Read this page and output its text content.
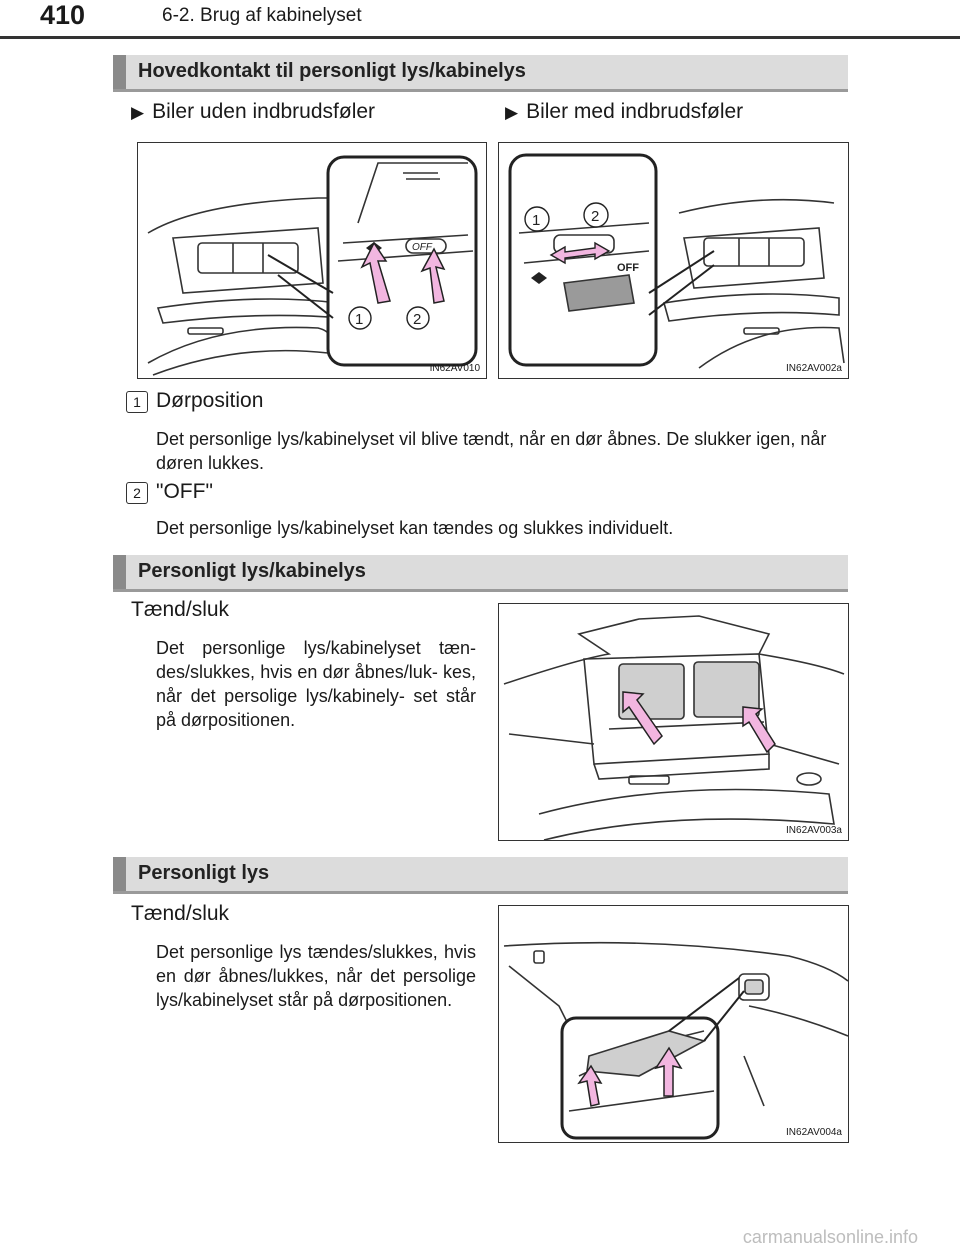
410	6-2. Brug af kabinelyset
Hovedkontakt til personligt lys/kabinelys
▶ Biler uden indbrudsføler	▶ Biler med indbrudsføler
OFF
1	2
IN62AV010
OFF
1	2
IN62AV002a
1 Dørposition
Det personlige lys/kabinelyset vil blive tændt, når en dør åbnes. De slukker igen, når døren lukkes.
2 "OFF"
Det personlige lys/kabinelyset kan tændes og slukkes individuelt.
Personligt lys/kabinelys
Tænd/sluk
Det personlige lys/kabinelyset tæn- des/slukkes, hvis en dør åbnes/luk- kes, når det persolige lys/kabinely- set står på dørpositionen.
IN62AV003a
Personligt lys
Tænd/sluk
Det personlige lys tændes/slukkes, hvis en dør åbnes/lukkes, når det persolige lys/kabinelyset står på dørpositionen.
IN62AV004a
carmanualsonline.info
